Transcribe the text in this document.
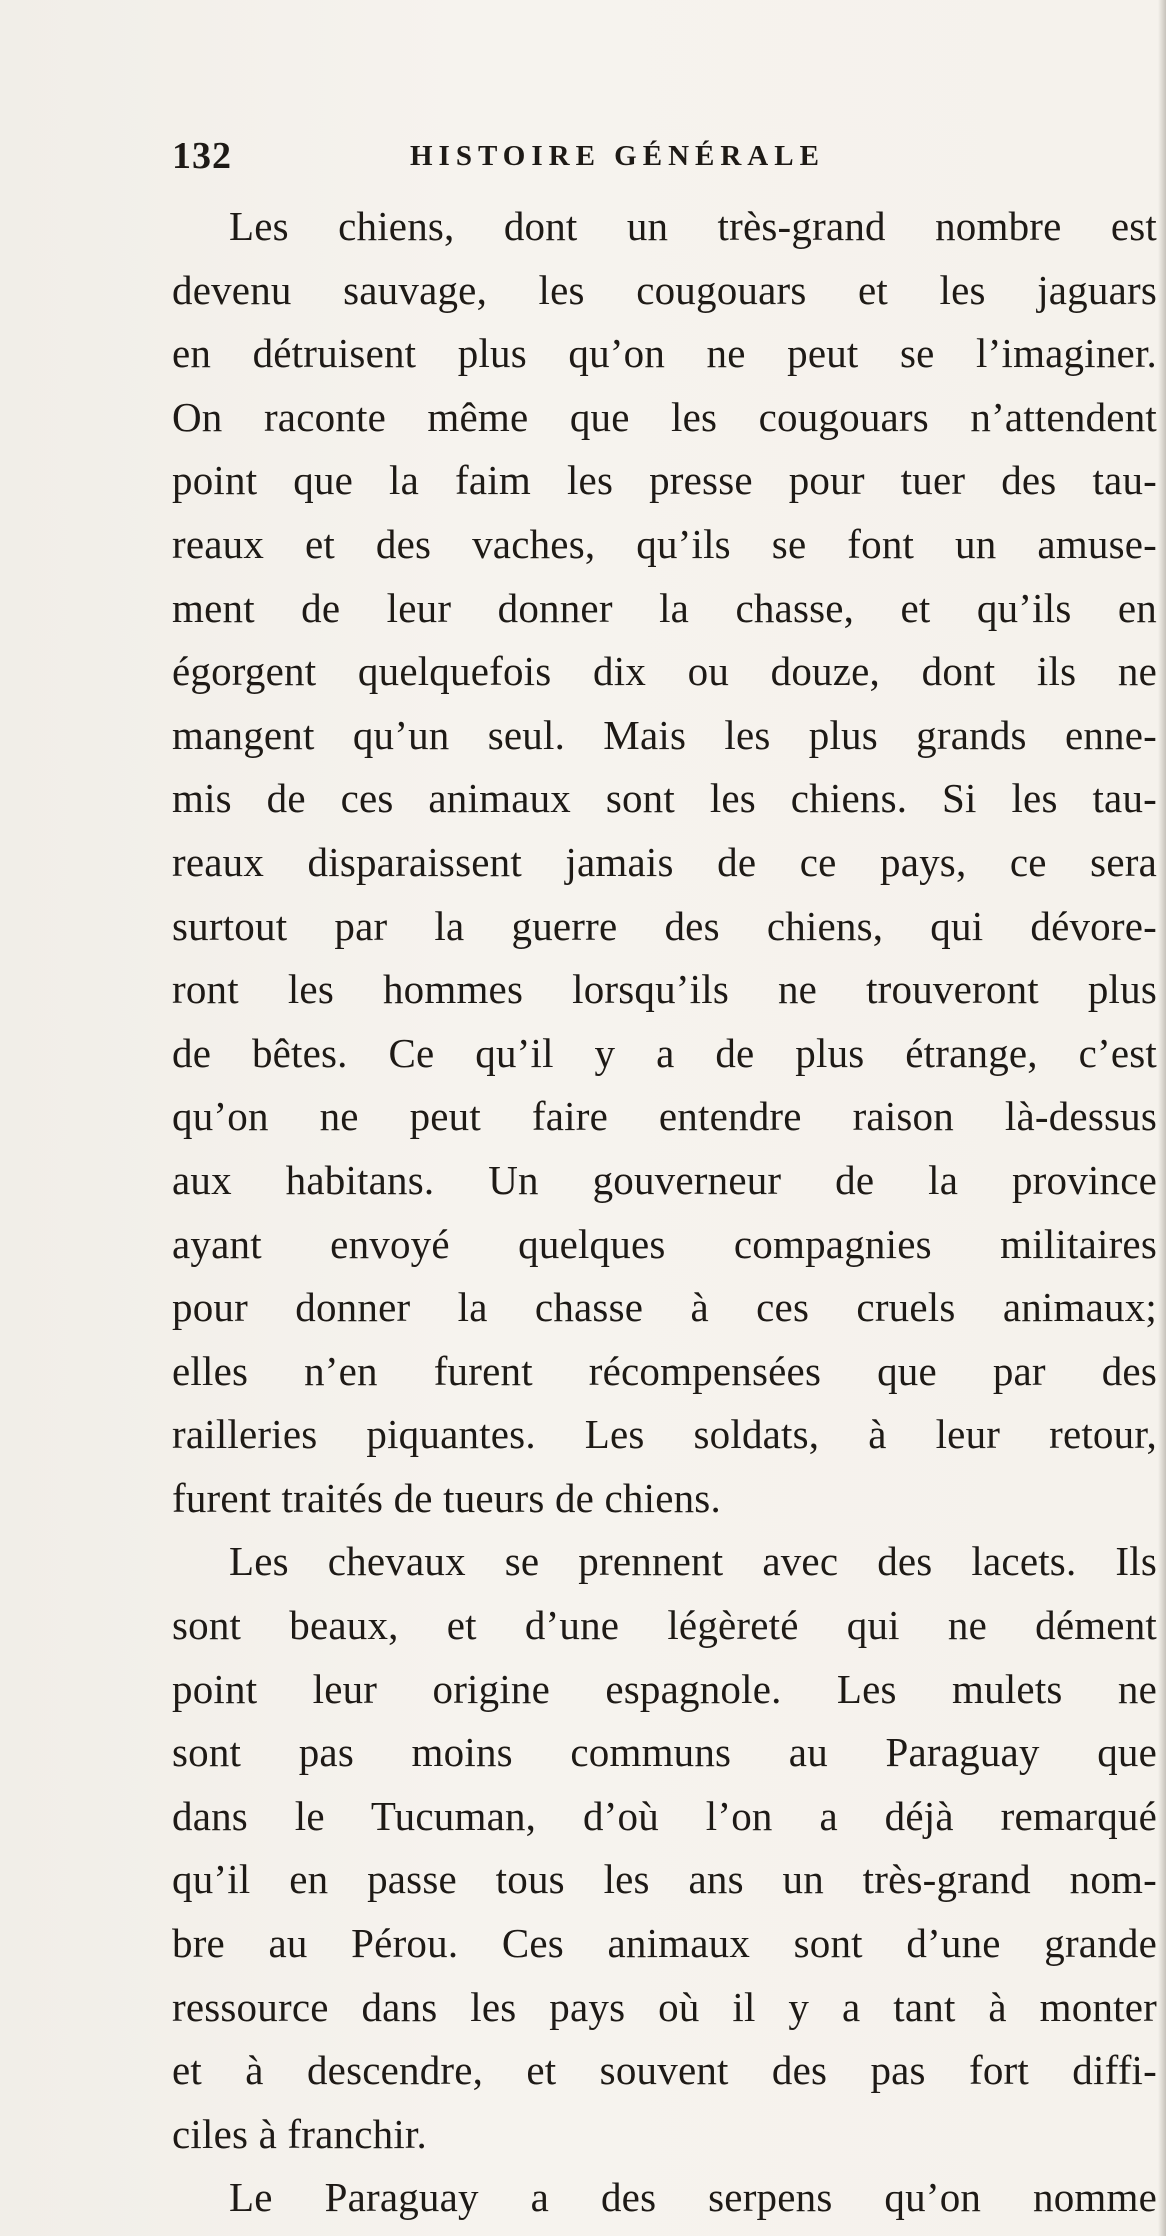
132	HISTOIRE GÉNÉRALE
Les chiens, dont un très-grand nombre est
devenu sauvage, les cougouars et les jaguars
en détruisent plus qu’on ne peut se l’imaginer.
On raconte même que les cougouars n’attendent
point que la faim les presse pour tuer des tau-
reaux et des vaches, qu’ils se font un amuse-
ment de leur donner la chasse, et qu’ils en
égorgent quelquefois dix ou douze, dont ils ne
mangent qu’un seul. Mais les plus grands enne-
mis de ces animaux sont les chiens. Si les tau-
reaux disparaissent jamais de ce pays, ce sera
surtout par la guerre des chiens, qui dévore-
ront les hommes lorsqu’ils ne trouveront plus
de bêtes. Ce qu’il y a de plus étrange, c’est
qu’on ne peut faire entendre raison là-dessus
aux habitans. Un gouverneur de la province
ayant envoyé quelques compagnies militaires
pour donner la chasse à ces cruels animaux;
elles n’en furent récompensées que par des
railleries piquantes. Les soldats, à leur retour,
furent traités de tueurs de chiens.
Les chevaux se prennent avec des lacets. Ils
sont beaux, et d’une légèreté qui ne dément
point leur origine espagnole. Les mulets ne
sont pas moins communs au Paraguay que
dans le Tucuman, d’où l’on a déjà remarqué
qu’il en passe tous les ans un très-grand nom-
bre au Pérou. Ces animaux sont d’une grande
ressource dans les pays où il y a tant à monter
et à descendre, et souvent des pas fort diffi-
ciles à franchir.
Le Paraguay a des serpens qu’on nomme
